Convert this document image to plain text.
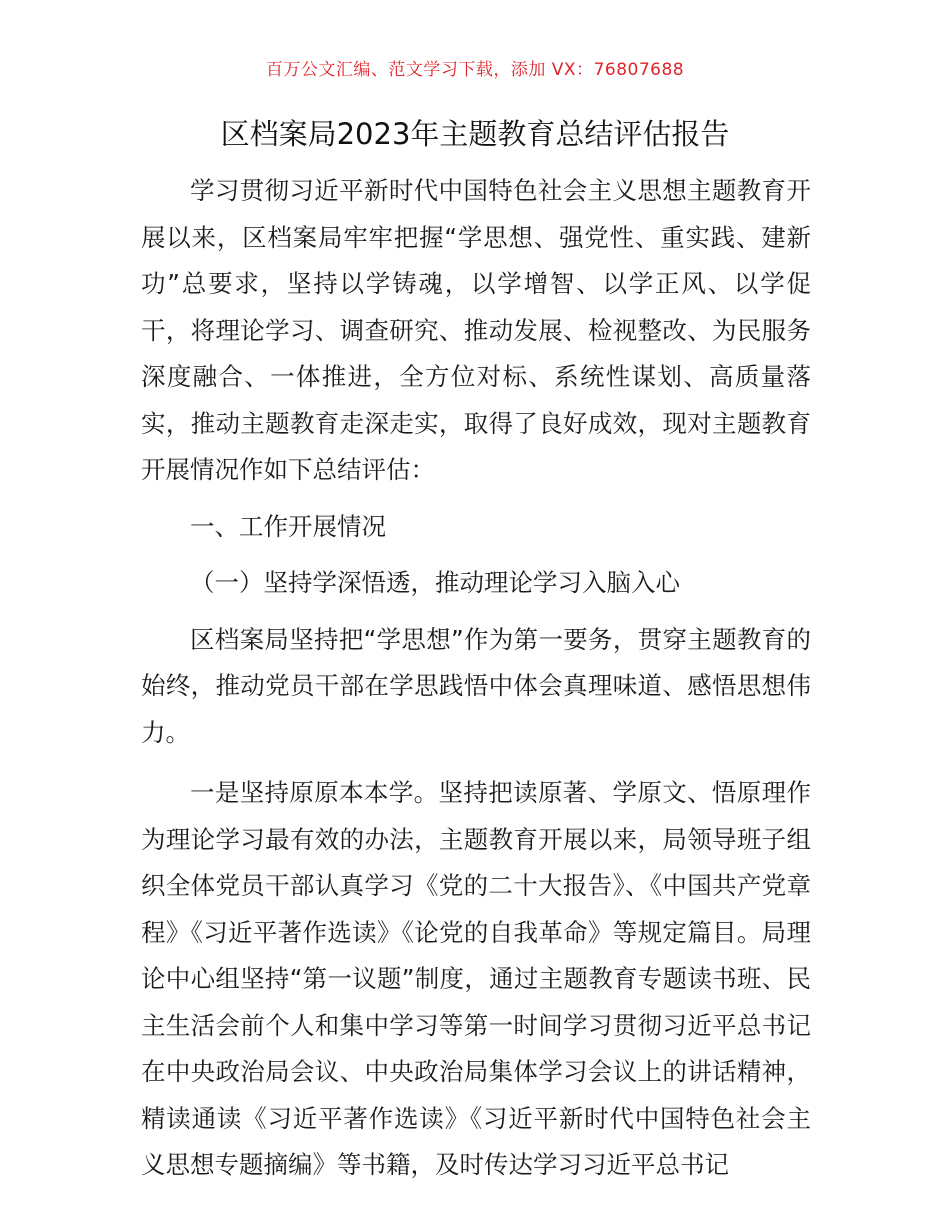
百万公文汇编、范文学习下载，添加 VX：76807688
区档案局2023年主题教育总结评估报告

学习贯彻习近平新时代中国特色社会主义思想主题教育开展以来，区档案局牢牢把握“学思想、强党性、重实践、建新功”总要求，坚持以学铸魂，以学增智、以学正风、以学促干，将理论学习、调查研究、推动发展、检视整改、为民服务深度融合、一体推进，全方位对标、系统性谋划、高质量落实，推动主题教育走深走实，取得了良好成效，现对主题教育开展情况作如下总结评估：

一、工作开展情况

（一）坚持学深悟透，推动理论学习入脑入心

区档案局坚持把“学思想”作为第一要务，贯穿主题教育的始终，推动党员干部在学思践悟中体会真理味道、感悟思想伟力。

一是坚持原原本本学。坚持把读原著、学原文、悟原理作为理论学习最有效的办法，主题教育开展以来，局领导班子组织全体党员干部认真学习《党的二十大报告》、《中国共产党章程》《习近平著作选读》《论党的自我革命》等规定篇目。局理论中心组坚持“第一议题”制度，通过主题教育专题读书班、民主生活会前个人和集中学习等第一时间学习贯彻习近平总书记在中央政治局会议、中央政治局集体学习会议上的讲话精神，精读通读《习近平著作选读》《习近平新时代中国特色社会主义思想专题摘编》等书籍，及时传达学习习近平总书记
